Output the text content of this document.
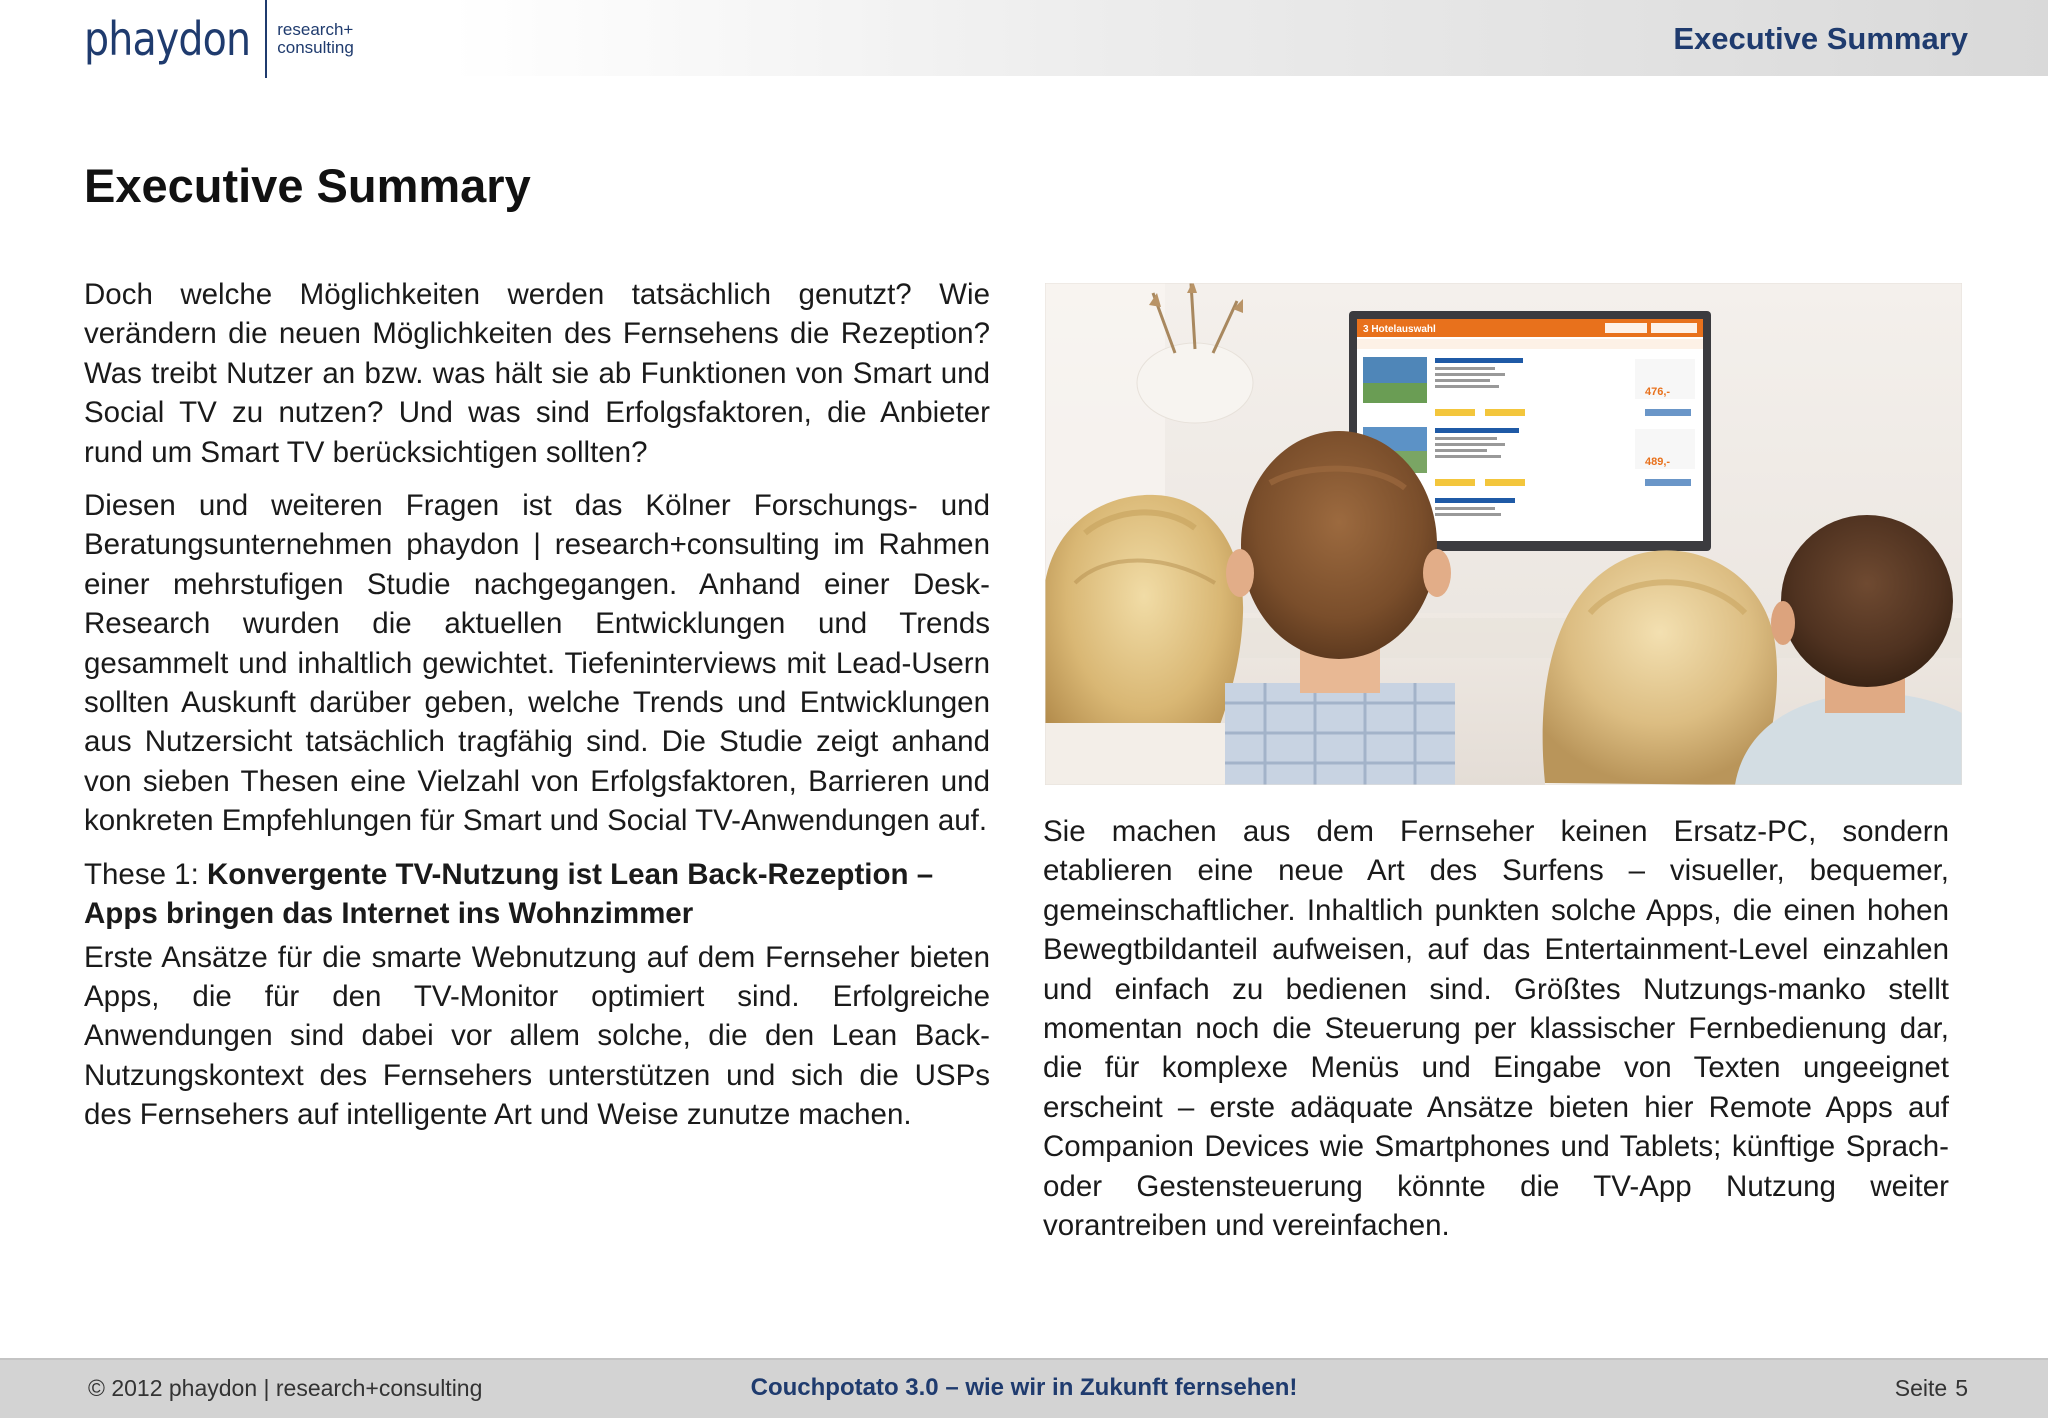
phaydon research+
consulting	Executive Summary
Executive Summary

Doch welche Möglichkeiten werden tatsächlich genutzt? Wie verändern die neuen Möglichkeiten des Fernsehens die Rezeption? Was treibt Nutzer an bzw. was hält sie ab Funktionen von Smart und Social TV zu nutzen? Und was sind Erfolgsfaktoren, die Anbieter rund um Smart TV berücksichtigen sollten?

Diesen und weiteren Fragen ist das Kölner Forschungs- und Beratungsunternehmen phaydon | research+consulting im Rahmen einer mehrstufigen Studie nachgegangen. Anhand einer Desk-Research wurden die aktuellen Entwicklungen und Trends gesammelt und inhaltlich gewichtet. Tiefeninterviews mit Lead-Usern sollten Auskunft darüber geben, welche Trends und Entwicklungen aus Nutzersicht tatsächlich tragfähig sind. Die Studie zeigt anhand von sieben Thesen eine Vielzahl von Erfolgsfaktoren, Barrieren und konkreten Empfehlungen für Smart und Social TV-Anwendungen auf.

These 1: Konvergente TV-Nutzung ist Lean Back-Rezeption – Apps bringen das Internet ins Wohnzimmer

Erste Ansätze für die smarte Webnutzung auf dem Fernseher bieten Apps, die für den TV-Monitor optimiert sind. Erfolgreiche Anwendungen sind dabei vor allem solche, die den Lean Back-Nutzungskontext des Fernsehers unterstützen und sich die USPs des Fernsehers auf intelligente Art und Weise zunutze machen.

3 Hotelauswahl
476,-
489,-

Sie machen aus dem Fernseher keinen Ersatz-PC, sondern etablieren eine neue Art des Surfens – visueller, bequemer, gemeinschaftlicher. Inhaltlich punkten solche Apps, die einen hohen Bewegtbildanteil aufweisen, auf das Entertainment-Level einzahlen und einfach zu bedienen sind. Größtes Nutzungs-manko stellt momentan noch die Steuerung per klassischer Fernbedienung dar, die für komplexe Menüs und Eingabe von Texten ungeeignet erscheint – erste adäquate Ansätze bieten hier Remote Apps auf Companion Devices wie Smartphones und Tablets; künftige Sprach- oder Gestensteuerung könnte die TV-App Nutzung weiter vorantreiben und vereinfachen.

© 2012 phaydon | research+consulting	Couchpotato 3.0 – wie wir in Zukunft fernsehen!	Seite 5
